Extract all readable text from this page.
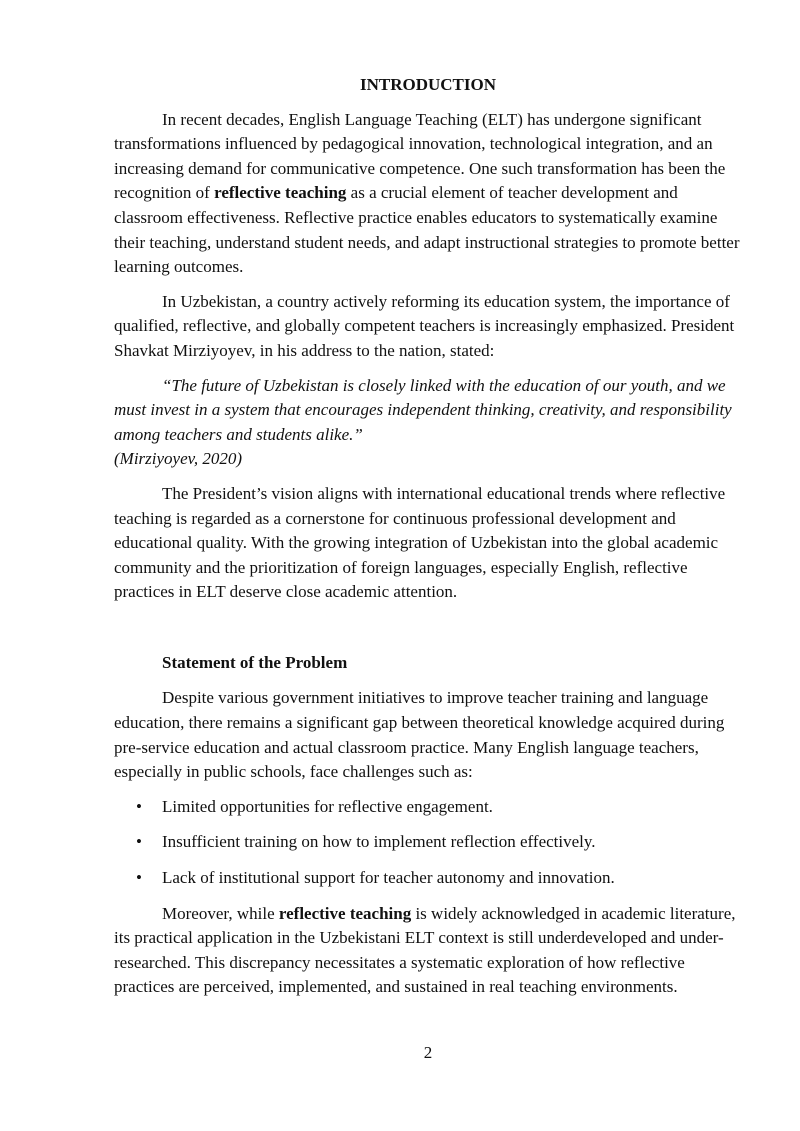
INTRODUCTION

In recent decades, English Language Teaching (ELT) has undergone significant transformations influenced by pedagogical innovation, technological integration, and an increasing demand for communicative competence. One such transformation has been the recognition of reflective teaching as a crucial element of teacher development and classroom effectiveness. Reflective practice enables educators to systematically examine their teaching, understand student needs, and adapt instructional strategies to promote better learning outcomes.

In Uzbekistan, a country actively reforming its education system, the importance of qualified, reflective, and globally competent teachers is increasingly emphasized. President Shavkat Mirziyoyev, in his address to the nation, stated:

“The future of Uzbekistan is closely linked with the education of our youth, and we must invest in a system that encourages independent thinking, creativity, and responsibility among teachers and students alike.”
(Mirziyoyev, 2020)

The President’s vision aligns with international educational trends where reflective teaching is regarded as a cornerstone for continuous professional development and educational quality. With the growing integration of Uzbekistan into the global academic community and the prioritization of foreign languages, especially English, reflective practices in ELT deserve close academic attention.

Statement of the Problem

Despite various government initiatives to improve teacher training and language education, there remains a significant gap between theoretical knowledge acquired during pre-service education and actual classroom practice. Many English language teachers, especially in public schools, face challenges such as:

• Limited opportunities for reflective engagement.
• Insufficient training on how to implement reflection effectively.
• Lack of institutional support for teacher autonomy and innovation.

Moreover, while reflective teaching is widely acknowledged in academic literature, its practical application in the Uzbekistani ELT context is still underdeveloped and under-researched. This discrepancy necessitates a systematic exploration of how reflective practices are perceived, implemented, and sustained in real teaching environments.

2
